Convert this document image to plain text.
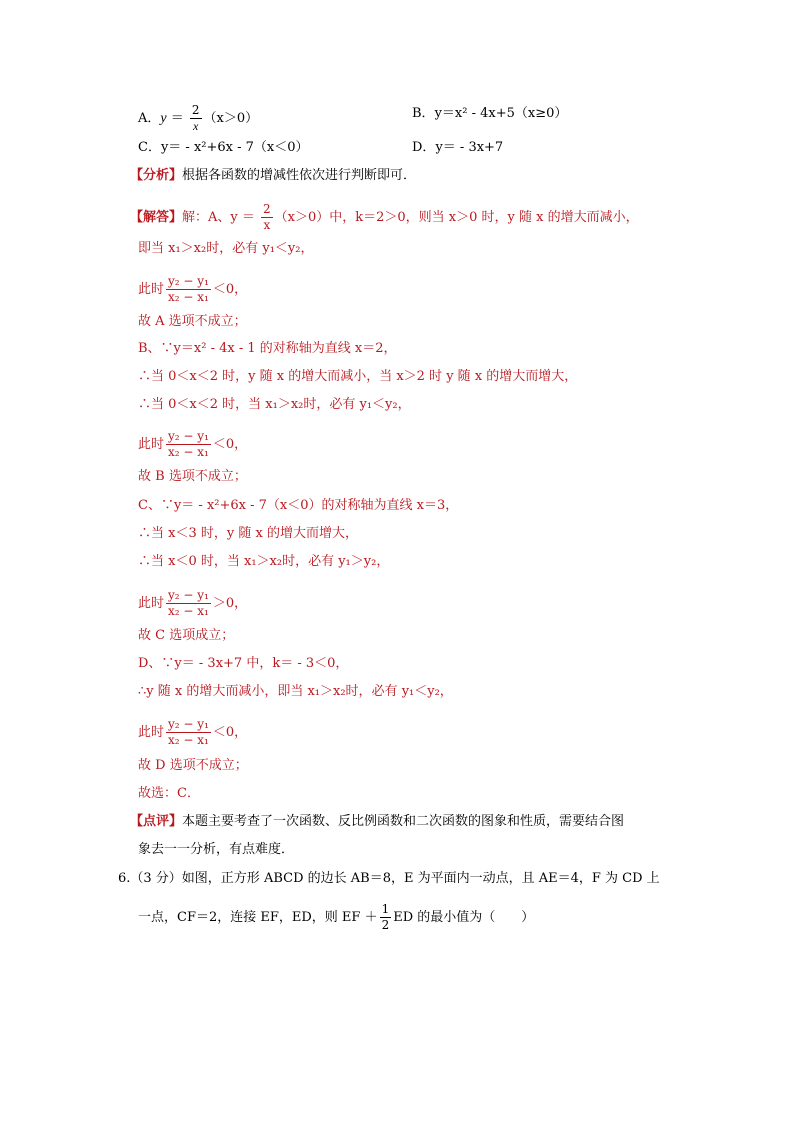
A．$y = \frac{2}{x} (x>0)$	B．y＝x² - 4x+5（x≥0）
C．y＝ - x²+6x - 7（x＜0）	D．y＝ - 3x+7
【分析】根据各函数的增减性依次进行判断即可．
【解答】解：A、$y = \frac{2}{x} (x>0)$中，k＝2＞0，则当 x＞0 时，y 随 x 的增大而减小，
即当 x₁＞x₂时，必有 y₁＜y₂，
此时 $\frac{\text{y₂ − y₁}}{\text{x₂ − x₁}} <0$，
故 A 选项不成立；
B、∵y＝x² - 4x - 1 的对称轴为直线 x＝2，
∴当 0＜x＜2 时，y 随 x 的增大而减小，当 x＞2 时 y 随 x 的增大而增大，
∴当 0＜x＜2 时，当 x₁＞x₂时，必有 y₁＜y₂，
此时 $\frac{\text{y₂ − y₁}}{\text{x₂ − x₁}} <0$，
故 B 选项不成立；
C、∵y＝ - x²+6x - 7（x＜0）的对称轴为直线 x＝3，
∴当 x＜3 时，y 随 x 的增大而增大，
∴当 x＜0 时，当 x₁＞x₂时，必有 y₁＞y₂，
此时 $\frac{\text{y₂ − y₁}}{\text{x₂ − x₁}} >0$，
故 C 选项成立；
D、∵y＝ - 3x+7 中，k＝ - 3＜0，
∴y 随 x 的增大而减小，即当 x₁＞x₂时，必有 y₁＜y₂，
此时 $\frac{\text{y₂ − y₁}}{\text{x₂ − x₁}} <0$，
故 D 选项不成立；
故选：C．
【点评】本题主要考查了一次函数、反比例函数和二次函数的图象和性质，需要结合图
象去一一分析，有点难度．
6.（3 分）如图，正方形 ABCD 的边长 AB＝8，E 为平面内一动点，且 AE＝4，F 为 CD 上
一点，CF＝2，连接 EF，ED，则 EF ＋ $\frac{1}{2}$ ED 的最小值为（　　）
